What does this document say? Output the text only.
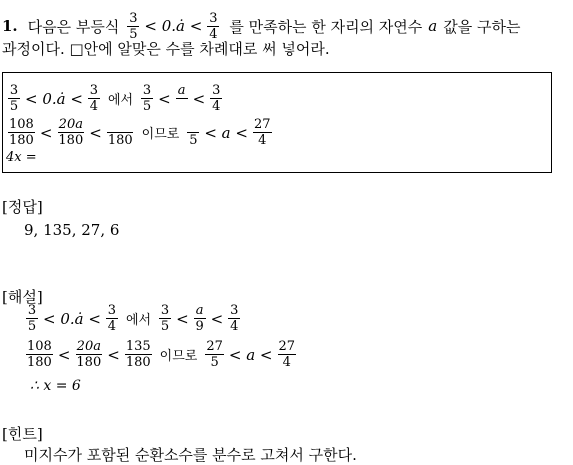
1. 다음은 부등식 $\frac{3}{5}$ < 0.ȧ < $\frac{3}{4}$ 를 만족하는 한 자리의 자연수 a 값을 구하는
과정이다. □안에 알맞은 수를 차례대로 써 넣어라.
$\frac{3}{5}$ < 0.ȧ < $\frac{3}{4}$ 에서 $\frac{3}{5} < a < \frac{3}{4}$
$\frac{108}{180} < \frac{20a}{180} < 180$ 이므로 $5 < a < \frac{27}{4}$
4x =
[정답]
9, 135, 27, 6
[해설]
$\frac{3}{5}$ < 0.ȧ < $\frac{3}{4}$ 에서 $\frac{3}{5} < \frac{a}{9} < \frac{3}{4}$
$\frac{108}{180} < \frac{20a}{180} < \frac{135}{180}$ 이므로 $\frac{27}{5} < a < \frac{27}{4}$
∴ x = 6
[힌트]
미지수가 포함된 순환소수를 분수로 고쳐서 구한다.
